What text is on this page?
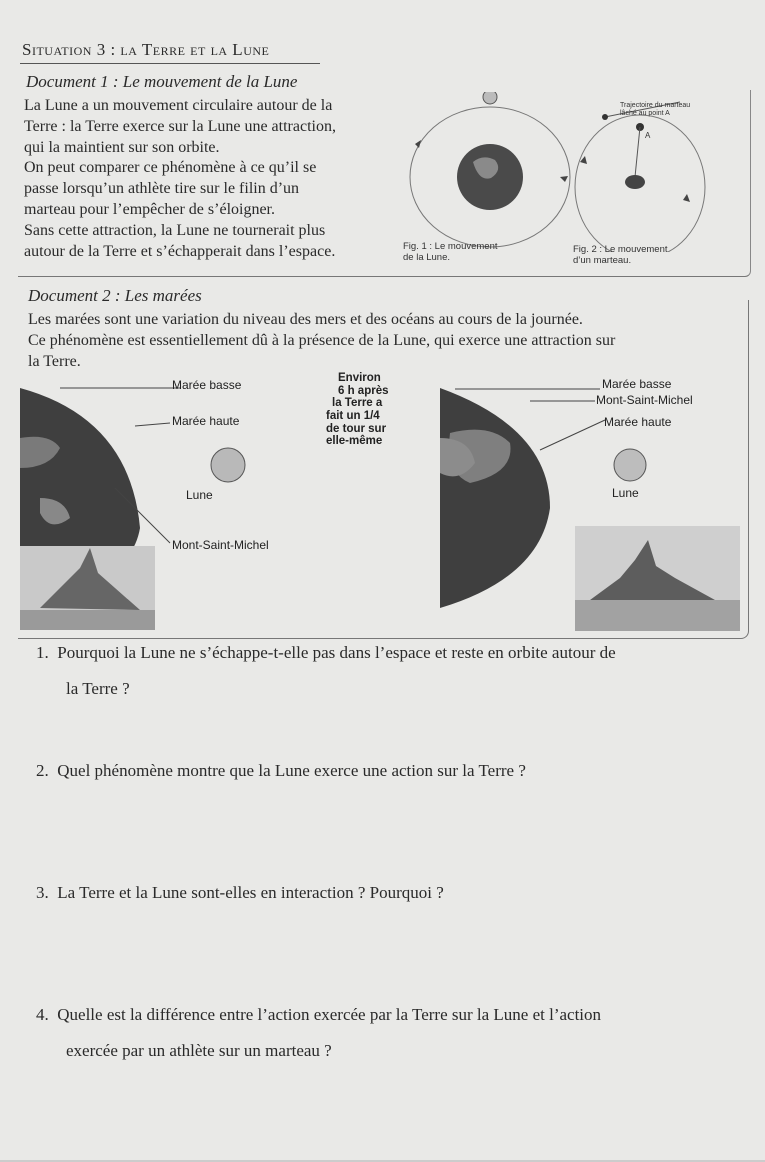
Situation 3 : la Terre et la Lune
Document 1 : Le mouvement de la Lune
La Lune a un mouvement circulaire autour de la
Terre : la Terre exerce sur la Lune une attraction,
qui la maintient sur son orbite.
On peut comparer ce phénomène à ce qu’il se
passe lorsqu’un athlète tire sur le filin d’un
marteau pour l’empêcher de s’éloigner.
Sans cette attraction, la Lune ne tournerait plus
autour de la Terre et s’échapperait dans l’espace.	Fig. 1 : Le mouvement
de la Lune.
Trajectoire du marteau
lâché au point A
A
Fig. 2 : Le mouvement
d’un marteau.
Document 2 : Les marées
Les marées sont une variation du niveau des mers et des océans au cours de la journée.
Ce phénomène est essentiellement dû à la présence de la Lune, qui exerce une attraction sur
la Terre.
Marée basse
Marée haute
Lune
Mont-Saint-Michel
Environ
6 h après
la Terre a
fait un 1/4
de tour sur
elle-même
Marée basse
Mont-Saint-Michel
Marée haute
Lune
1. Pourquoi la Lune ne s’échappe-t-elle pas dans l’espace et reste en orbite autour de
la Terre ?
2. Quel phénomène montre que la Lune exerce une action sur la Terre ?
3. La Terre et la Lune sont-elles en interaction ? Pourquoi ?
4. Quelle est la différence entre l’action exercée par la Terre sur la Lune et l’action
exercée par un athlète sur un marteau ?
